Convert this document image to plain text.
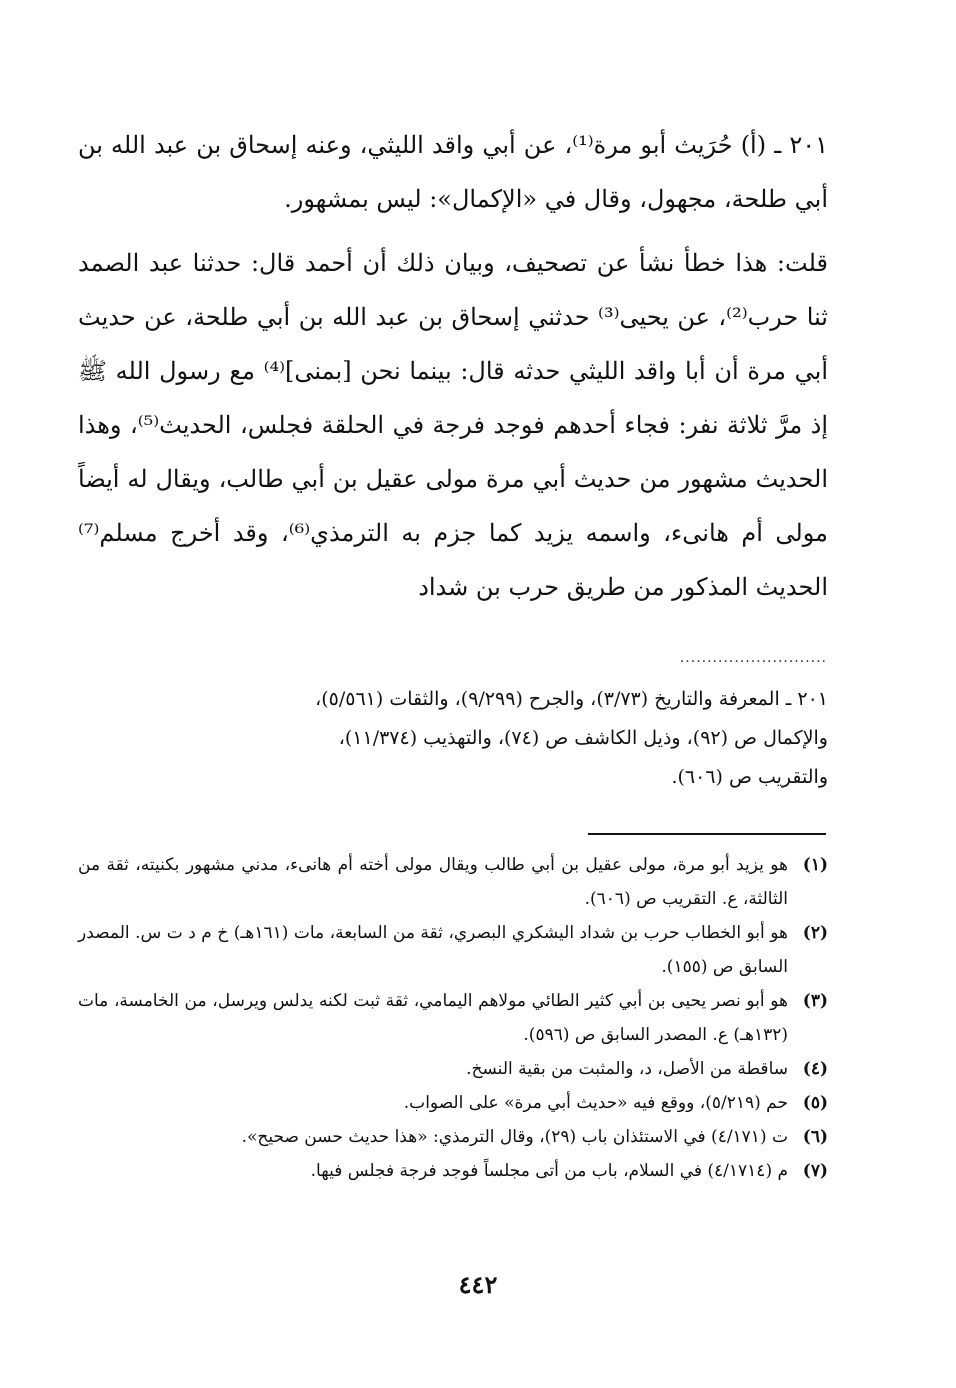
٢٠١ ـ (أ) حُرَيث أبو مرة⁽¹⁾، عن أبي واقد الليثي، وعنه إسحاق بن عبد الله بن أبي طلحة، مجهول، وقال في «الإكمال»: ليس بمشهور.

قلت: هذا خطأ نشأ عن تصحيف، وبيان ذلك أن أحمد قال: حدثنا عبد الصمد ثنا حرب⁽²⁾، عن يحيى⁽³⁾ حدثني إسحاق بن عبد الله بن أبي طلحة، عن حديث أبي مرة أن أبا واقد الليثي حدثه قال: بينما نحن [بمنى]⁽⁴⁾ مع رسول الله ﷺ إذ مرَّ ثلاثة نفر: فجاء أحدهم فوجد فرجة في الحلقة فجلس، الحديث⁽⁵⁾، وهذا الحديث مشهور من حديث أبي مرة مولى عقيل بن أبي طالب، ويقال له أيضاً مولى أم هانىء، واسمه يزيد كما جزم به الترمذي⁽⁶⁾، وقد أخرج مسلم⁽⁷⁾ الحديث المذكور من طريق حرب بن شداد

...........................
٢٠١ ـ المعرفة والتاريخ (٣/٧٣)، والجرح (٩/٢٩٩)، والثقات (٥/٥٦١)،
والإكمال ص (٩٢)، وذيل الكاشف ص (٧٤)، والتهذيب (١١/٣٧٤)،
والتقريب ص (٦٠٦).
(١)
هو يزيد أبو مرة، مولى عقيل بن أبي طالب ويقال مولى أخته أم هانىء، مدني مشهور بكنيته، ثقة من الثالثة، ع. التقريب ص (٦٠٦).
(٢)
هو أبو الخطاب حرب بن شداد اليشكري البصري، ثقة من السابعة، مات (١٦١هـ) خ م د ت س. المصدر السابق ص (١٥٥).
(٣)
هو أبو نصر يحيى بن أبي كثير الطائي مولاهم اليمامي، ثقة ثبت لكنه يدلس ويرسل، من الخامسة، مات (١٣٢هـ) ع. المصدر السابق ص (٥٩٦).
(٤)
ساقطة من الأصل، د، والمثبت من بقية النسخ.
(٥)
حم (٥/٢١٩)، ووقع فيه «حديث أبي مرة» على الصواب.
(٦)
ت (٤/١٧١) في الاستئذان باب (٢٩)، وقال الترمذي: «هذا حديث حسن صحيح».
(٧)
م (٤/١٧١٤) في السلام، باب من أتى مجلساً فوجد فرجة فجلس فيها.
٤٤٢
